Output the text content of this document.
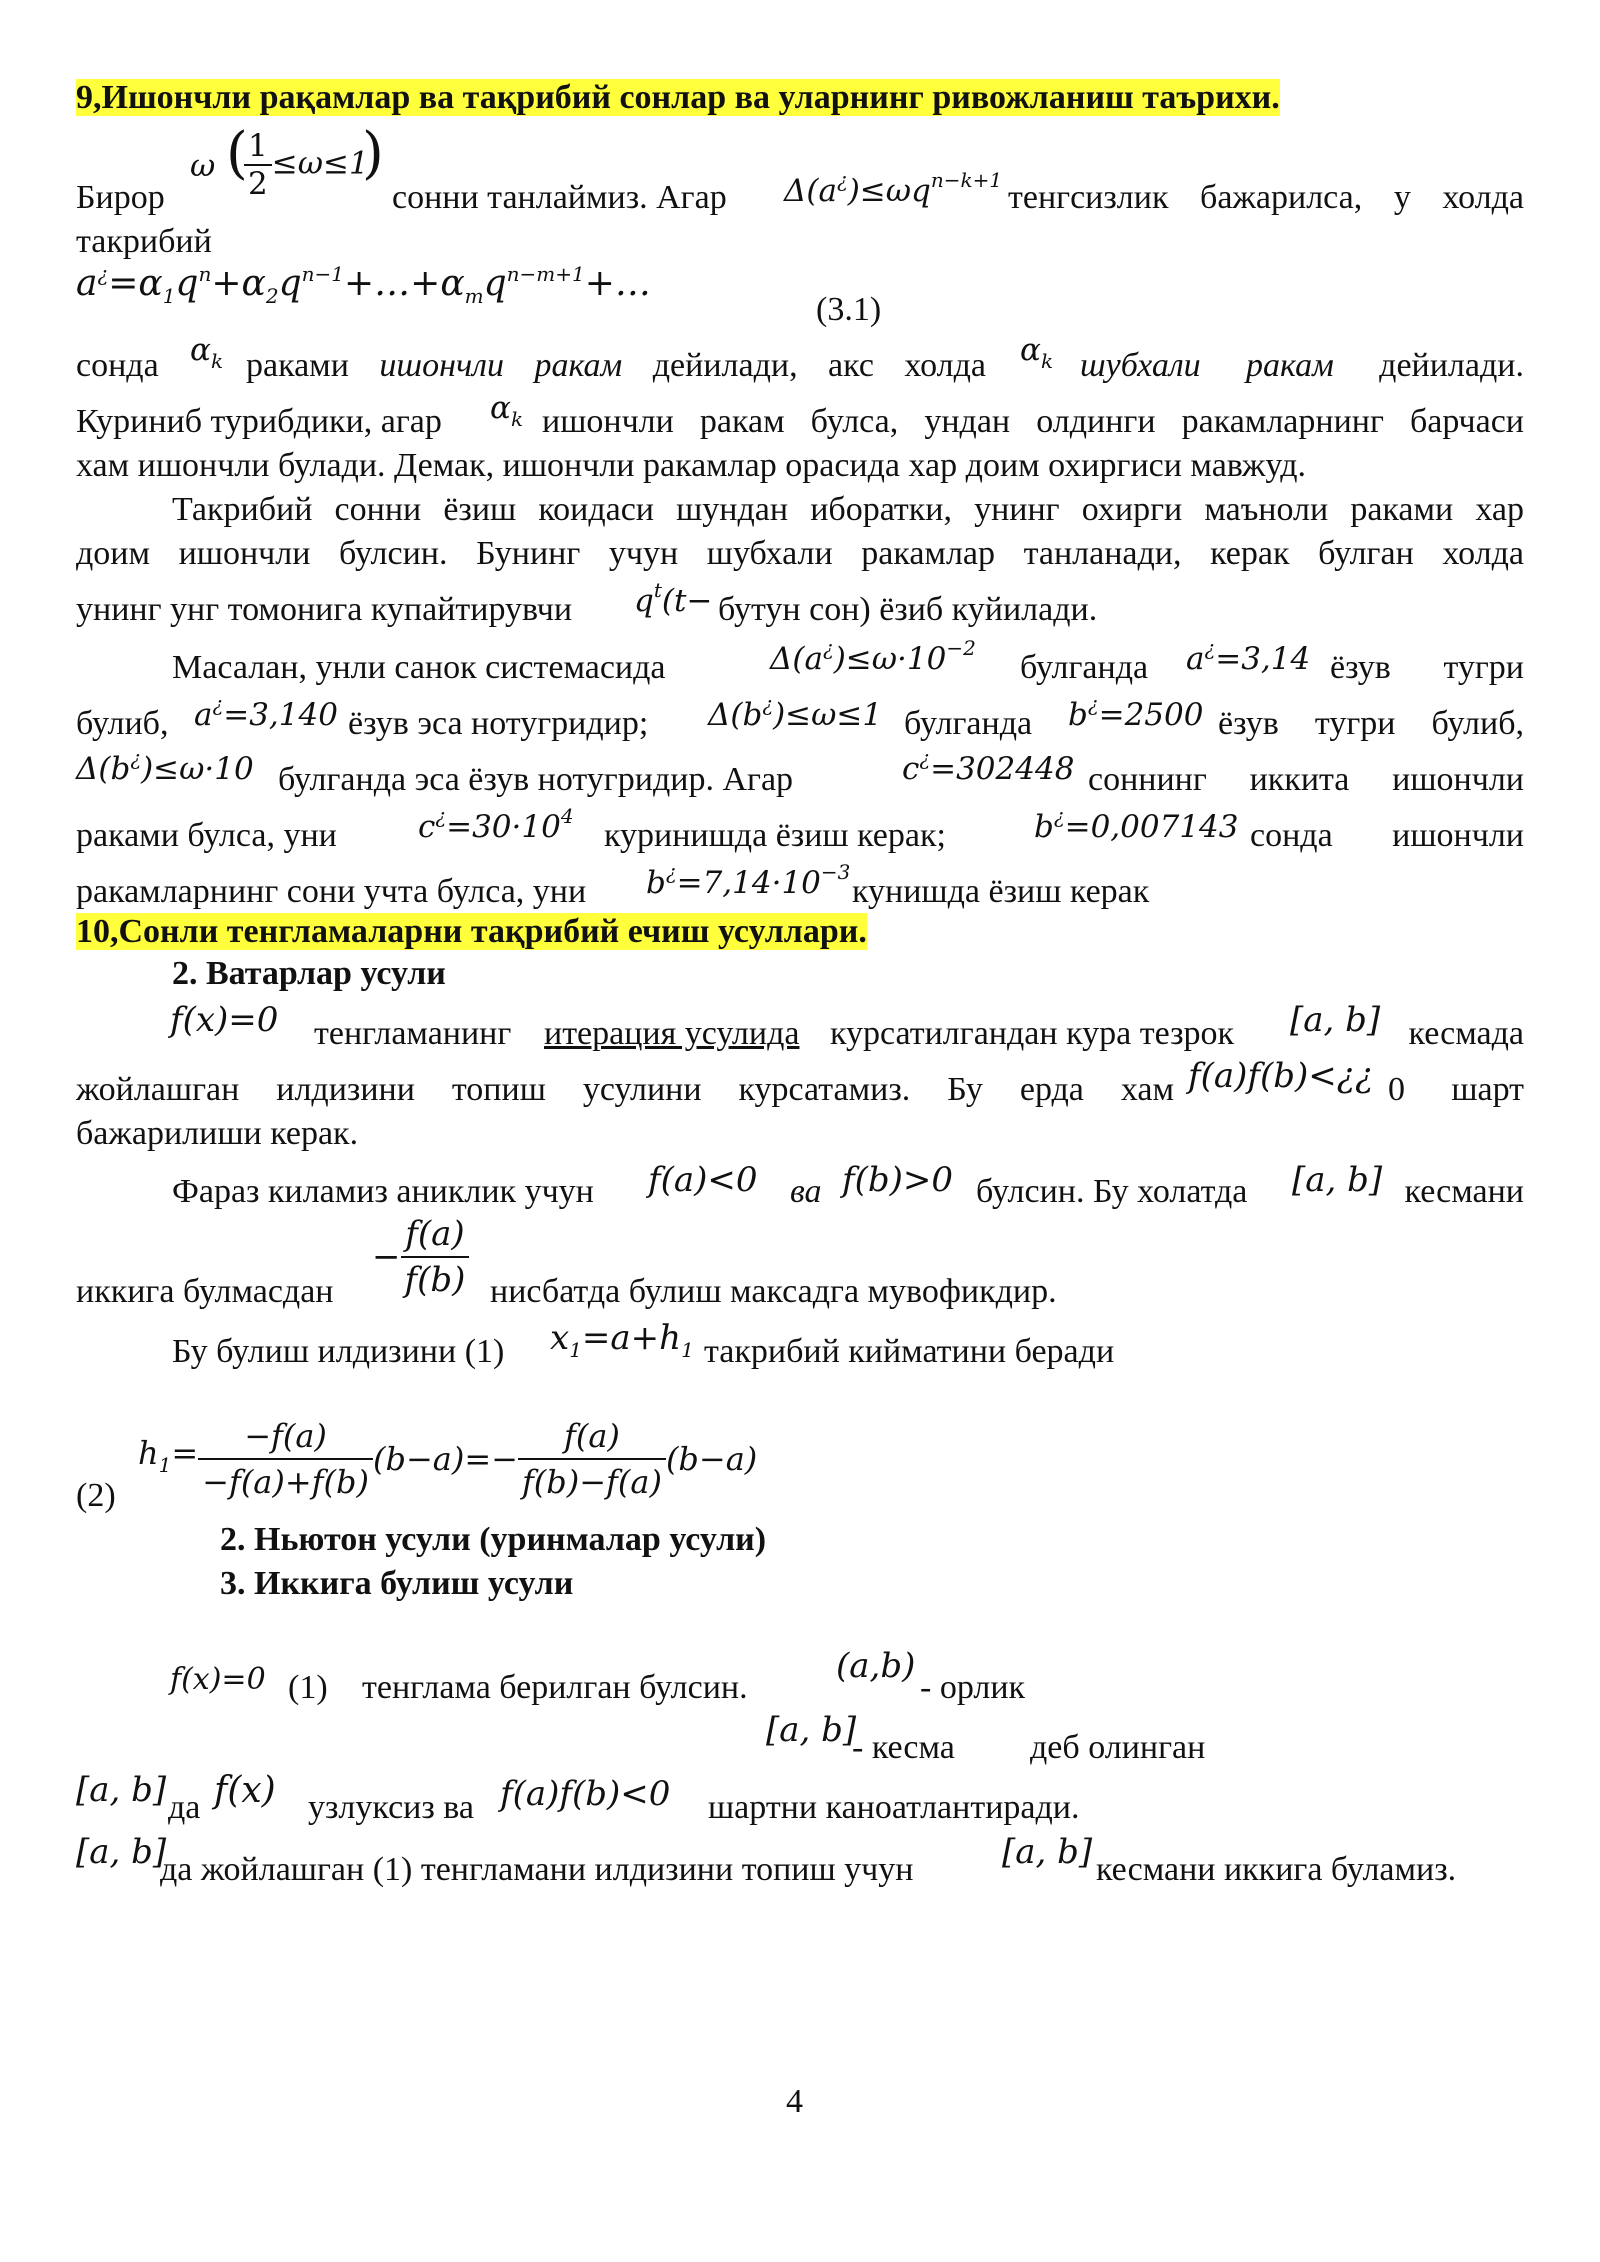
9,Ишончли рақамлар ва тақрибий сонлар ва уларнинг ривожланиш таърихи.
Бирор
ω (
$\frac{1}{2} \le\omega\le 1$
)
сонни танлаймиз. Агар $\Delta(a^¿)\le\omega q^{n-k+1}$ тенгсизлик бажарилса, у холда
такрибий
$a^¿=\alpha_1q^n+\alpha_2q^{n-1}+\dots+\alpha_mq^{n-m+1}+\dots$
(3.1)
сонда $\alpha_k$ раками ишончли ракам дейилади, акс холда $\alpha_k$ шубхали ракам дейилади.
Куриниб турибдики, агар $\alpha_k$ ишончли ракам булса, ундан олдинги ракамларнинг барчаси
хам ишончли булади. Демак, ишончли ракамлар орасида хар доим охиргиси мавжуд.
Такрибий сонни ёзиш коидаси шундан иборатки, унинг охирги маъноли раками хар
доим ишончли булсин. Бунинг учун шубхали ракамлар танланади, керак булган холда
унинг унг томонига купайтирувчи $q^t(t-$ бутун сон) ёзиб куйилади.
Масалан, унли санок системасида	$\Delta(a^¿)\le\omega\cdot 10^{-2}$
булганда a¿=3,14 ёзув тугри
булиб, a¿=3,140 ёзув эса нотугридир; Δ(b¿)≤ω≤1 булганда b¿=2500 ёзув тугри булиб,
Δ(b¿)≤ω·10 булганда эса ёзув нотугридир. Агар	c¿=302448 соннинг иккита ишончли
раками булса, уни	$c^¿=30\cdot 10^4$
куринишда ёзиш керак;	b¿=0,007143 сонда ишончли
ракамларнинг сони учта булса, уни $b^¿=7,14\cdot 10^{-3}$
кунишда ёзиш керак
10,Сонли тенгламаларни тақрибий ечиш усуллари.
2. Ватарлар усули
f(x)=0 тенгламанинг итерация усулида курсатилгандан кура тезрок [a, b] кесмада
жойлашган илдизини топиш усулини курсатамиз. Бу ерда хам f(a)f(b)<¿¿ 0 шарт
бажарилиши керак.
Фараз киламиз аниклик учун f(a)<0 ва f(b)>0 булсин. Бу холатда [a, b] кесмани
иккига булмасдан
− $\frac{f(a)}{f(b)}$ нисбатда булиш максадга мувофикдир.
Бу булиш илдизини (1) $x_1=a+h_1$ такрибий кийматини беради
(2)
$h_1= \frac{-f(a)}{-f(a)+f(b)} (b-a)=- \frac{f(a)}{f(b)-f(a)} (b-a)$
2. Ньютон усули (уринмалар усули)
3. Иккига булиш усули
f(x)=0 (1) тенглама берилган булсин.
(a,b)
- орлик
[a, b]
- кесма деб олинган
[a, b] да f(x) узлуксиз ва f(a)f(b)<0 шартни каноатлантиради.
[a, b]
да жойлашган (1) тенгламани илдизини топиш учун	[a, b] кесмани иккига буламиз.
4
